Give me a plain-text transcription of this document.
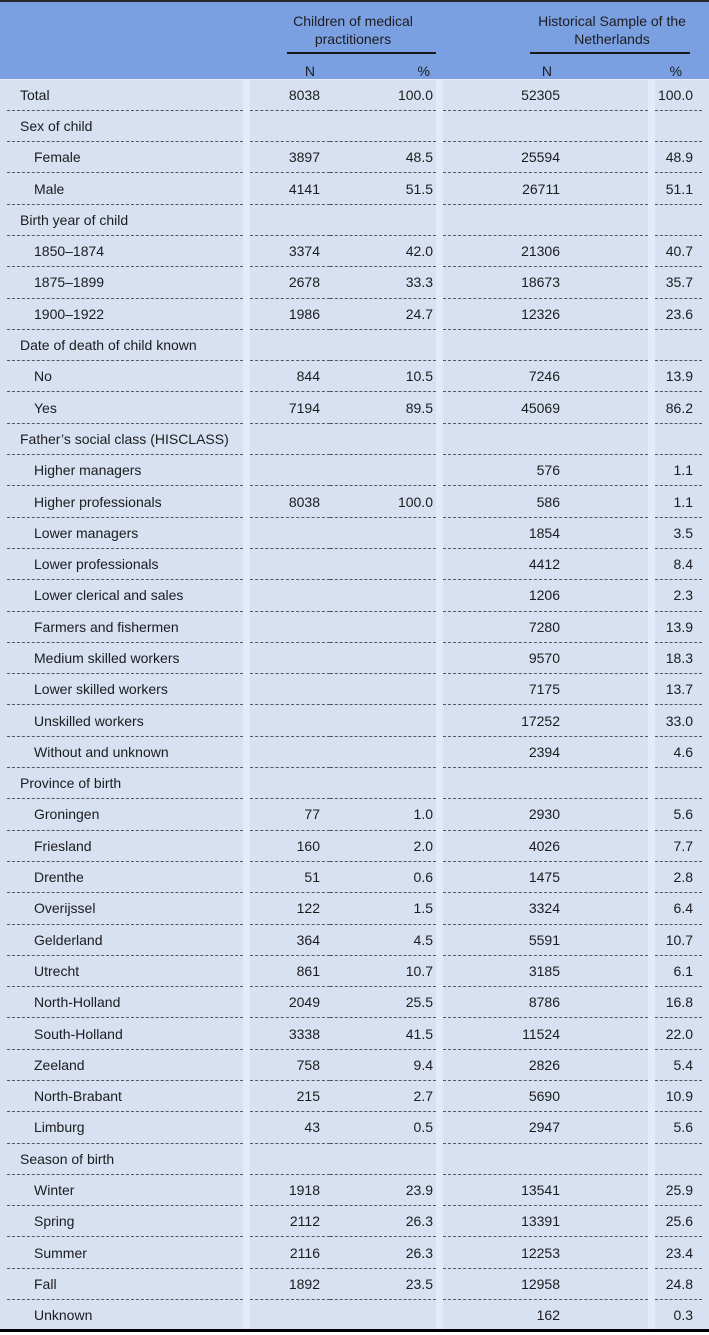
			Children of medical practitioners			Historical Sample of the Netherlands			

			N	%		N		%	
	Total		8038	100.0		52305		100.0	
	Sex of child								
	Female		3897	48.5		25594		48.9	
	Male		4141	51.5		26711		51.1	
	Birth year of child								
	1850–1874		3374	42.0		21306		40.7	
	1875–1899		2678	33.3		18673		35.7	
	1900–1922		1986	24.7		12326		23.6	
	Date of death of child known								
	No		844	10.5		7246		13.9	
	Yes		7194	89.5		45069		86.2	
	Father’s social class (HISCLASS)								
	Higher managers					576		1.1	
	Higher professionals		8038	100.0		586		1.1	
	Lower managers					1854		3.5	
	Lower professionals					4412		8.4	
	Lower clerical and sales					1206		2.3	
	Farmers and fishermen					7280		13.9	
	Medium skilled workers					9570		18.3	
	Lower skilled workers					7175		13.7	
	Unskilled workers					17252		33.0	
	Without and unknown					2394		4.6	
	Province of birth								
	Groningen		77	1.0		2930		5.6	
	Friesland		160	2.0		4026		7.7	
	Drenthe		51	0.6		1475		2.8	
	Overijssel		122	1.5		3324		6.4	
	Gelderland		364	4.5		5591		10.7	
	Utrecht		861	10.7		3185		6.1	
	North-Holland		2049	25.5		8786		16.8	
	South-Holland		3338	41.5		11524		22.0	
	Zeeland		758	9.4		2826		5.4	
	North-Brabant		215	2.7		5690		10.9	
	Limburg		43	0.5		2947		5.6	
	Season of birth								
	Winter		1918	23.9		13541		25.9	
	Spring		2112	26.3		13391		25.6	
	Summer		2116	26.3		12253		23.4	
	Fall		1892	23.5		12958		24.8	
	Unknown					162		0.3	
